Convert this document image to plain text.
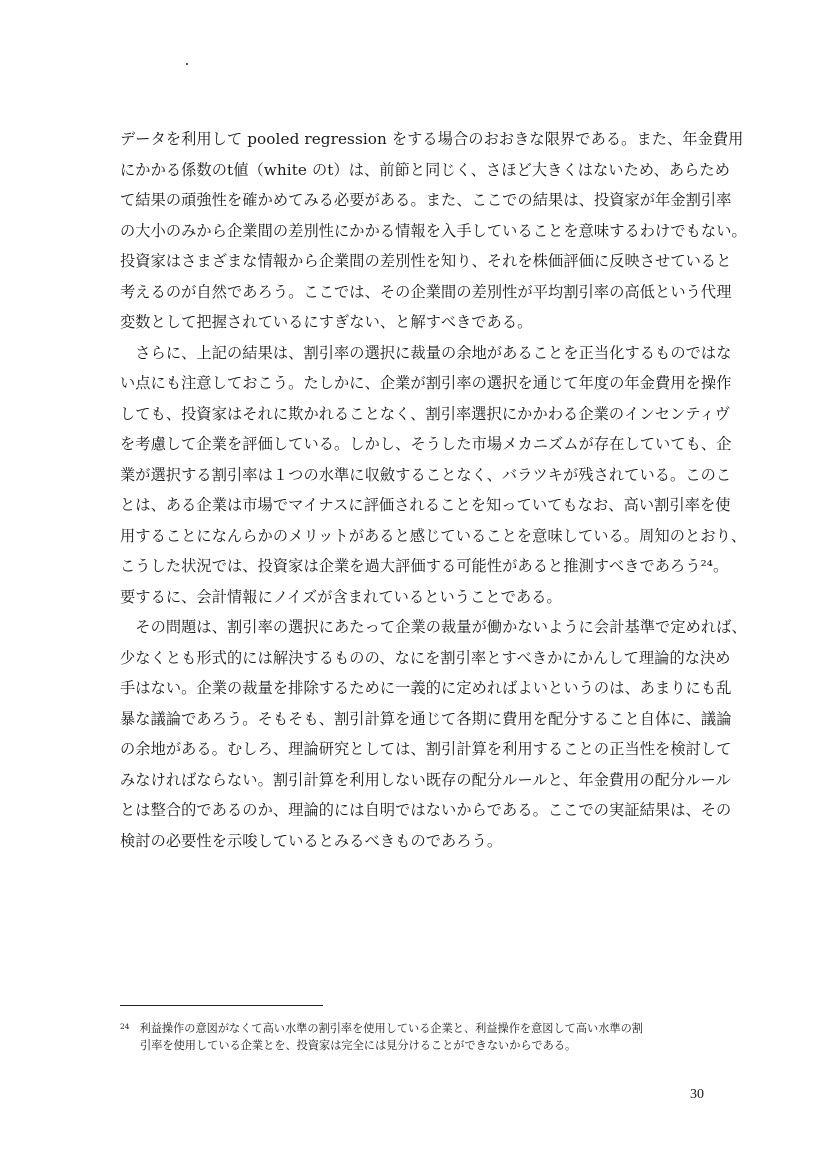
データを利用して pooled regression をする場合のおおきな限界である。また、年金費用
にかかる係数のt値（white のt）は、前節と同じく、さほど大きくはないため、あらため
て結果の頑強性を確かめてみる必要がある。また、ここでの結果は、投資家が年金割引率
の大小のみから企業間の差別性にかかる情報を入手していることを意味するわけでもない。
投資家はさまざまな情報から企業間の差別性を知り、それを株価評価に反映させていると
考えるのが自然であろう。ここでは、その企業間の差別性が平均割引率の高低という代理
変数として把握されているにすぎない、と解すべきである。
　さらに、上記の結果は、割引率の選択に裁量の余地があることを正当化するものではな
い点にも注意しておこう。たしかに、企業が割引率の選択を通じて年度の年金費用を操作
しても、投資家はそれに欺かれることなく、割引率選択にかかわる企業のインセンティヴ
を考慮して企業を評価している。しかし、そうした市場メカニズムが存在していても、企
業が選択する割引率は１つの水準に収斂することなく、バラツキが残されている。このこ
とは、ある企業は市場でマイナスに評価されることを知っていてもなお、高い割引率を使
用することになんらかのメリットがあると感じていることを意味している。周知のとおり、
こうした状況では、投資家は企業を過大評価する可能性があると推測すべきであろう²⁴。
要するに、会計情報にノイズが含まれているということである。
　その問題は、割引率の選択にあたって企業の裁量が働かないように会計基準で定めれば、
少なくとも形式的には解決するものの、なにを割引率とすべきかにかんして理論的な決め
手はない。企業の裁量を排除するために一義的に定めればよいというのは、あまりにも乱
暴な議論であろう。そもそも、割引計算を通じて各期に費用を配分すること自体に、議論
の余地がある。むしろ、理論研究としては、割引計算を利用することの正当性を検討して
みなければならない。割引計算を利用しない既存の配分ルールと、年金費用の配分ルール
とは整合的であるのか、理論的には自明ではないからである。ここでの実証結果は、その
検討の必要性を示唆しているとみるべきものであろう。
$^{24}$ 利益操作の意図がなくて高い水準の割引率を使用している企業と、利益操作を意図して高い水準の割
引率を使用している企業とを、投資家は完全には見分けることができないからである。
30
